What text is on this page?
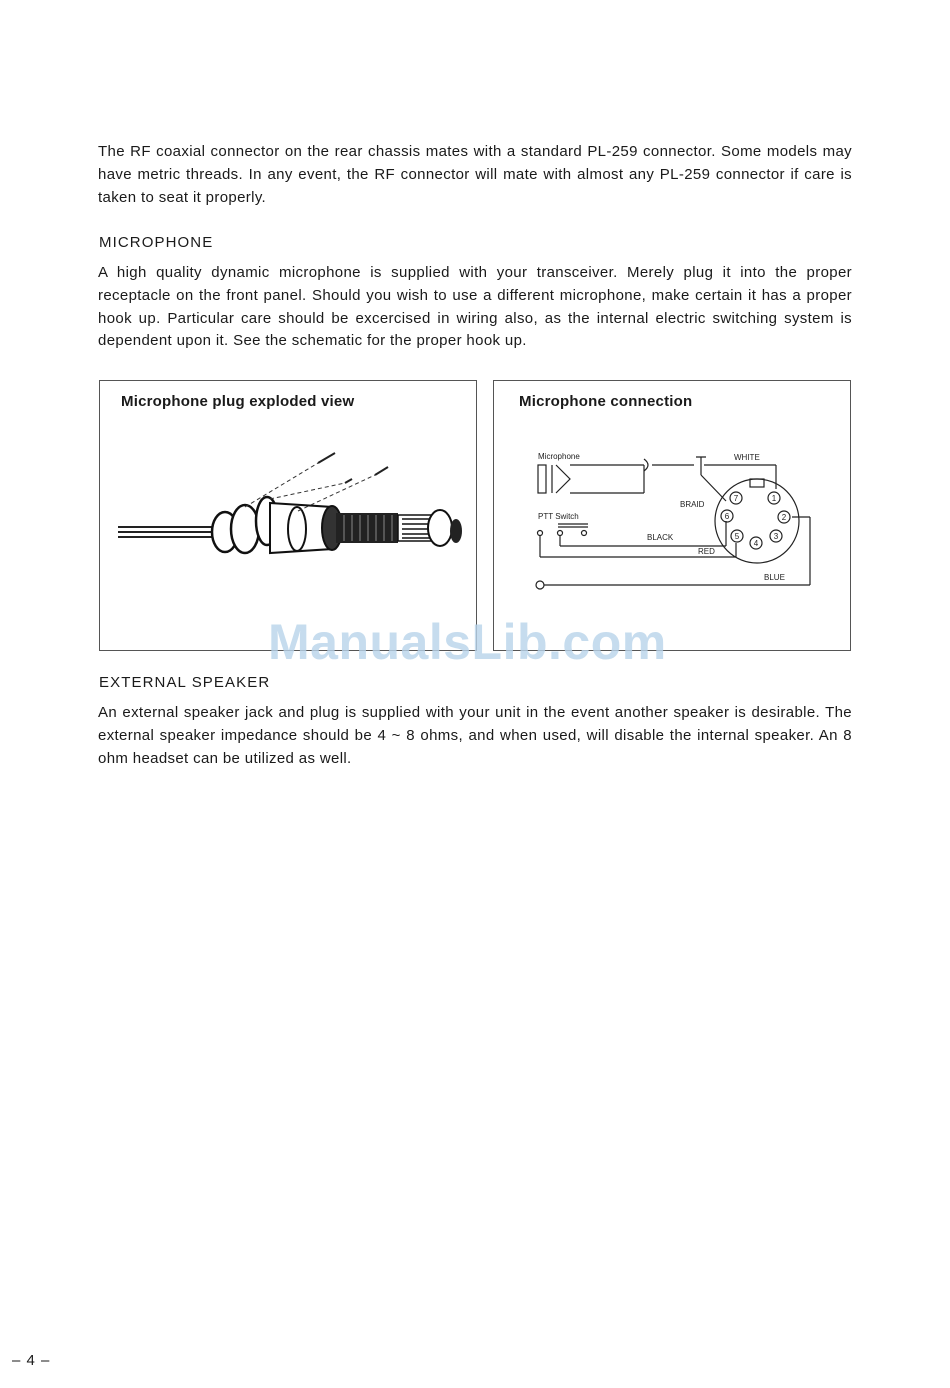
The RF coaxial connector on the rear chassis mates with a standard PL-259 connector. Some models may have metric threads. In any event, the RF connector will mate with almost any PL-259 connector if care is taken to seat it properly.

MICROPHONE

A high quality dynamic microphone is supplied with your transceiver. Merely plug it into the proper receptacle on the front panel. Should you wish to use a different microphone, make certain it has a proper hook up. Particular care should be excercised in wiring also, as the internal electric switching system is dependent upon it. See the schematic for the proper hook up.

Microphone plug exploded view	Microphone connection
Microphone
PTT Switch
WHITE
BRAID
BLACK
RED
BLUE
1
2
3
4
5
6
7
ManualsLib.com
EXTERNAL SPEAKER

An external speaker jack and plug is supplied with your unit in the event another speaker is desirable. The external speaker impedance should be 4 ~ 8 ohms, and when used, will disable the internal speaker. An 8 ohm headset can be utilized as well.

– 4 –
